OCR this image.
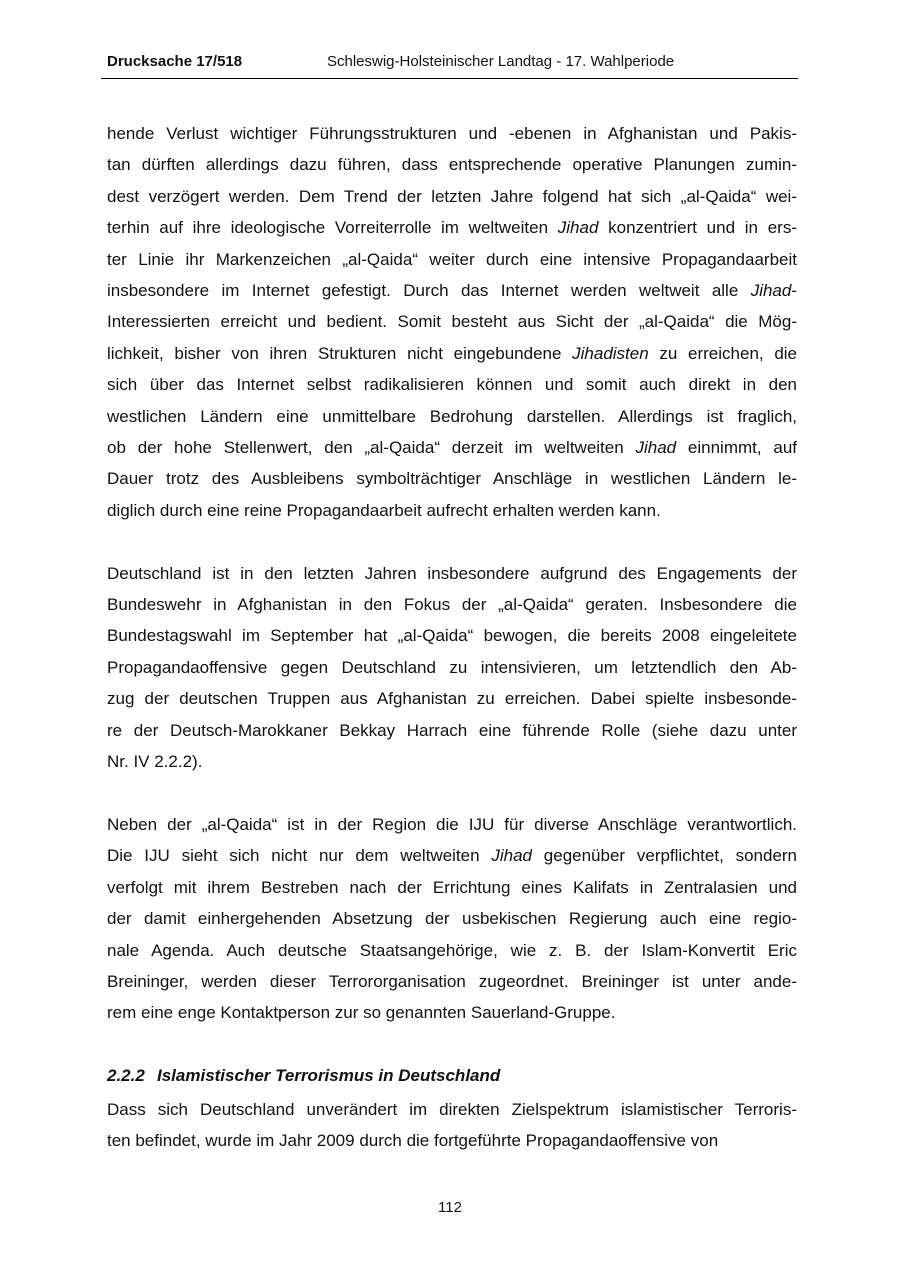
Drucksache 17/518	Schleswig-Holsteinischer Landtag - 17. Wahlperiode
hende Verlust wichtiger Führungsstrukturen und -ebenen in Afghanistan und Pakis-
tan dürften allerdings dazu führen, dass entsprechende operative Planungen zumin-
dest verzögert werden. Dem Trend der letzten Jahre folgend hat sich „al-Qaida“ wei-
terhin auf ihre ideologische Vorreiterrolle im weltweiten Jihad konzentriert und in ers-
ter Linie ihr Markenzeichen „al-Qaida“ weiter durch eine intensive Propagandaarbeit
insbesondere im Internet gefestigt. Durch das Internet werden weltweit alle Jihad-
Interessierten erreicht und bedient. Somit besteht aus Sicht der „al-Qaida“ die Mög-
lichkeit, bisher von ihren Strukturen nicht eingebundene Jihadisten zu erreichen, die
sich über das Internet selbst radikalisieren können und somit auch direkt in den
westlichen Ländern eine unmittelbare Bedrohung darstellen. Allerdings ist fraglich,
ob der hohe Stellenwert, den „al-Qaida“ derzeit im weltweiten Jihad einnimmt, auf
Dauer trotz des Ausbleibens symbolträchtiger Anschläge in westlichen Ländern le-
diglich durch eine reine Propagandaarbeit aufrecht erhalten werden kann.
Deutschland ist in den letzten Jahren insbesondere aufgrund des Engagements der
Bundeswehr in Afghanistan in den Fokus der „al-Qaida“ geraten. Insbesondere die
Bundestagswahl im September hat „al-Qaida“ bewogen, die bereits 2008 eingeleitete
Propagandaoffensive gegen Deutschland zu intensivieren, um letztendlich den Ab-
zug der deutschen Truppen aus Afghanistan zu erreichen. Dabei spielte insbesonde-
re der Deutsch-Marokkaner Bekkay Harrach eine führende Rolle (siehe dazu unter
Nr. IV 2.2.2).
Neben der „al-Qaida“ ist in der Region die IJU für diverse Anschläge verantwortlich.
Die IJU sieht sich nicht nur dem weltweiten Jihad gegenüber verpflichtet, sondern
verfolgt mit ihrem Bestreben nach der Errichtung eines Kalifats in Zentralasien und
der damit einhergehenden Absetzung der usbekischen Regierung auch eine regio-
nale Agenda. Auch deutsche Staatsangehörige, wie z. B. der Islam-Konvertit Eric
Breininger, werden dieser Terrororganisation zugeordnet. Breininger ist unter ande-
rem eine enge Kontaktperson zur so genannten Sauerland-Gruppe.
2.2.2 Islamistischer Terrorismus in Deutschland
Dass sich Deutschland unverändert im direkten Zielspektrum islamistischer Terroris-
ten befindet, wurde im Jahr 2009 durch die fortgeführte Propagandaoffensive von
112
